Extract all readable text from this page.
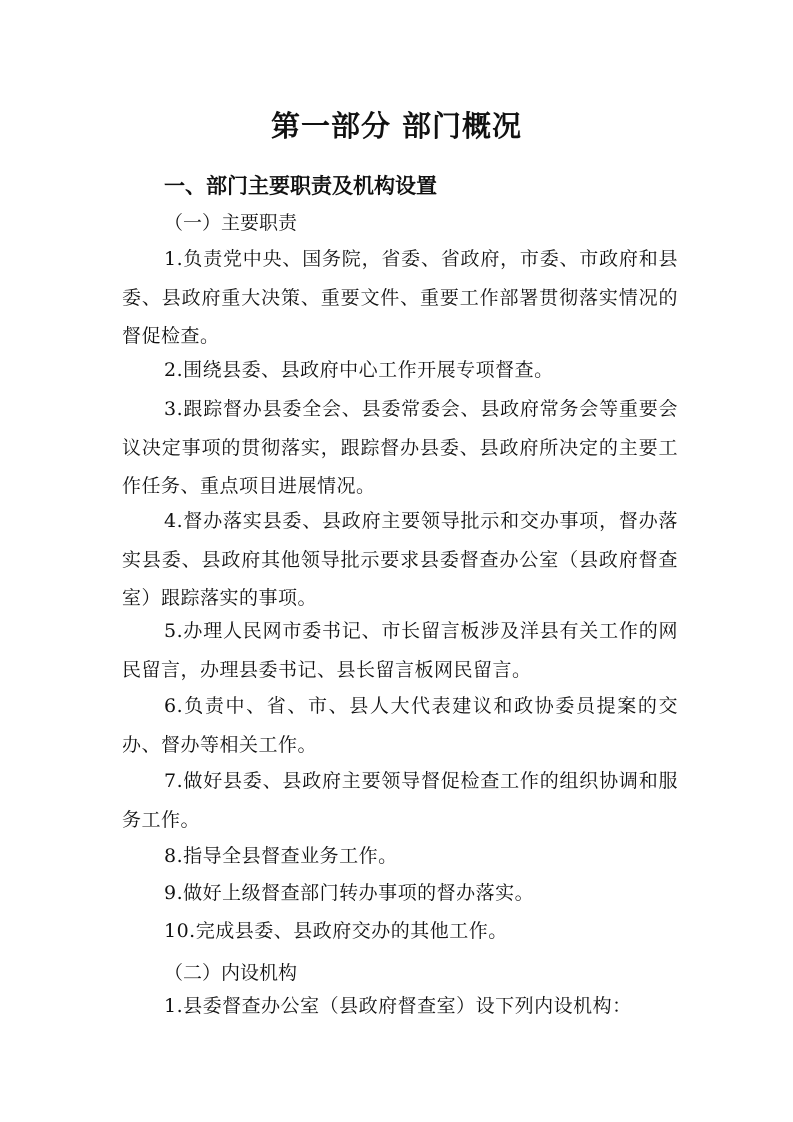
第一部分 部门概况
一、部门主要职责及机构设置
（一）主要职责
1.负责党中央、国务院，省委、省政府，市委、市政府和县委、县政府重大决策、重要文件、重要工作部署贯彻落实情况的督促检查。
2.围绕县委、县政府中心工作开展专项督查。
3.跟踪督办县委全会、县委常委会、县政府常务会等重要会议决定事项的贯彻落实，跟踪督办县委、县政府所决定的主要工作任务、重点项目进展情况。
4.督办落实县委、县政府主要领导批示和交办事项，督办落实县委、县政府其他领导批示要求县委督查办公室（县政府督查室）跟踪落实的事项。
5.办理人民网市委书记、市长留言板涉及洋县有关工作的网民留言，办理县委书记、县长留言板网民留言。
6.负责中、省、市、县人大代表建议和政协委员提案的交办、督办等相关工作。
7.做好县委、县政府主要领导督促检查工作的组织协调和服务工作。
8.指导全县督查业务工作。
9.做好上级督查部门转办事项的督办落实。
10.完成县委、县政府交办的其他工作。
（二）内设机构
1.县委督查办公室（县政府督查室）设下列内设机构：
